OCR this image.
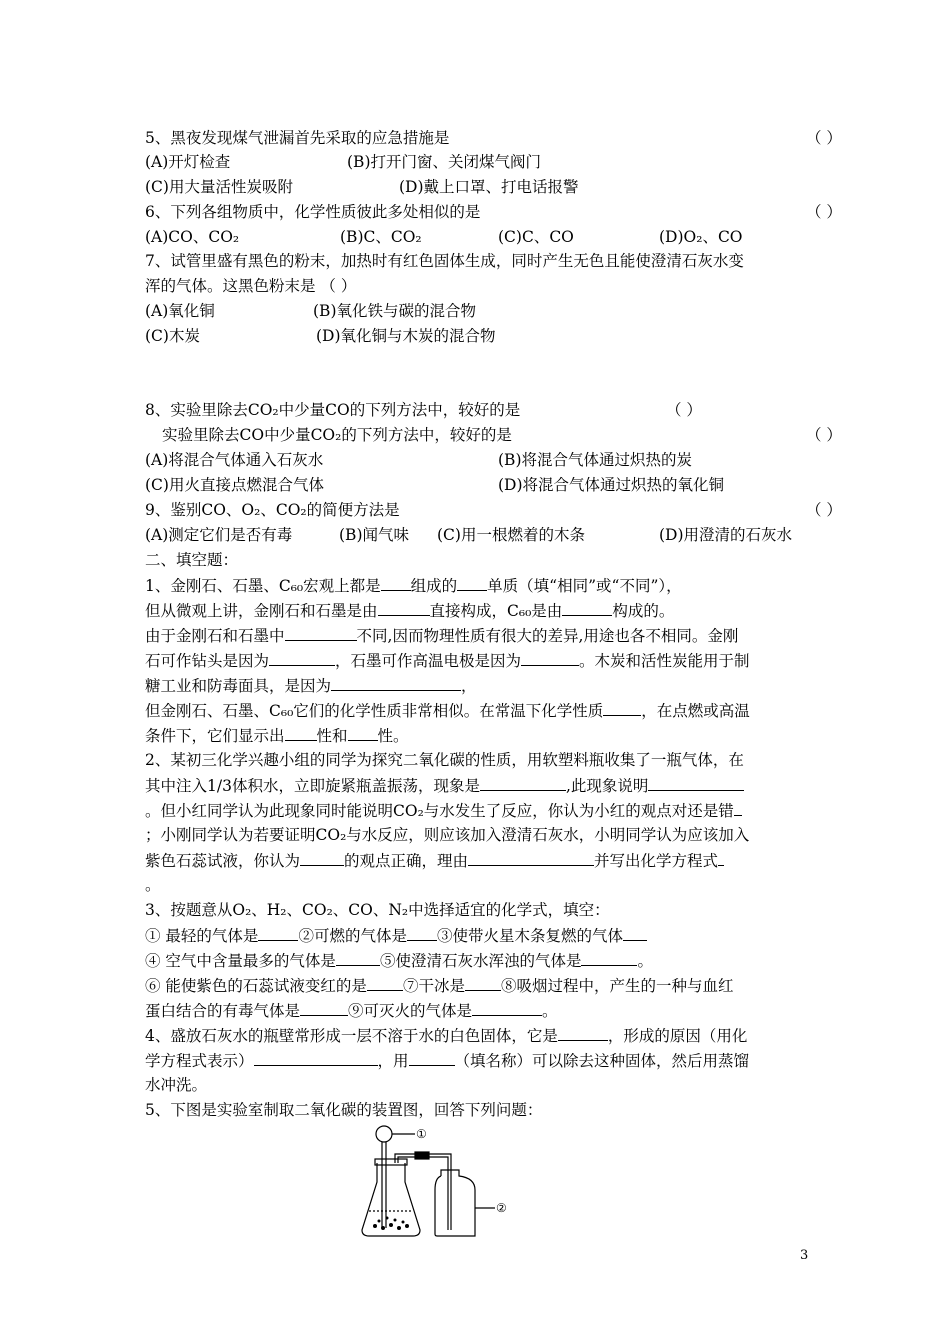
5、黑夜发现煤气泄漏首先采取的应急措施是	（ ）
(A)开灯检查	(B)打开门窗、关闭煤气阀门
(C)用大量活性炭吸附	(D)戴上口罩、打电话报警
6、下列各组物质中，化学性质彼此多处相似的是	（ ）
(A)CO、CO₂	(B)C、CO₂	(C)C、CO	(D)O₂、CO
7、试管里盛有黑色的粉末，加热时有红色固体生成，同时产生无色且能使澄清石灰水变
浑的气体。这黑色粉末是 （ ）
(A)氧化铜	(B)氧化铁与碳的混合物
(C)木炭	(D)氧化铜与木炭的混合物
8、实验里除去CO₂中少量CO的下列方法中，较好的是	（ ）
实验里除去CO中少量CO₂的下列方法中，较好的是	（ ）
(A)将混合气体通入石灰水	(B)将混合气体通过炽热的炭
(C)用火直接点燃混合气体	(D)将混合气体通过炽热的氧化铜
9、鉴别CO、O₂、CO₂的简便方法是	（ ）
(A)测定它们是否有毒	(B)闻气味 (C)用一根燃着的木条	(D)用澄清的石灰水
二、填空题：
1、金刚石、石墨、C₆₀宏观上都是 组成的 单质（填“相同”或“不同”），
但从微观上讲，金刚石和石墨是由	直接构成，C₆₀是由	构成的。
由于金刚石和石墨中	不同,因而物理性质有很大的差异,用途也各不相同。金刚
石可作钻头是因为	，石墨可作高温电极是因为	。木炭和活性炭能用于制
糖工业和防毒面具，是因为	，
但金刚石、石墨、C₆₀它们的化学性质非常相似。在常温下化学性质 ，在点燃或高温
条件下，它们显示出 性和 性。
2、某初三化学兴趣小组的同学为探究二氧化碳的性质，用软塑料瓶收集了一瓶气体，在
其中注入1/3体积水，立即旋紧瓶盖振荡，现象是	,此现象说明
。但小红同学认为此现象同时能说明CO₂与水发生了反应，你认为小红的观点对还是错
；小刚同学认为若要证明CO₂与水反应，则应该加入澄清石灰水，小明同学认为应该加入
紫色石蕊试液，你认为	的观点正确，理由	并写出化学方程式
。
3、按题意从O₂、H₂、CO₂、CO、N₂中选择适宜的化学式，填空：
① 最轻的气体是	②可燃的气体是 ③使带火星木条复燃的气体
④ 空气中含量最多的气体是	⑤使澄清石灰水浑浊的气体是	。
⑥ 能使紫色的石蕊试液变红的是 ⑦干冰是 ⑧吸烟过程中，产生的一种与血红
蛋白结合的有毒气体是	⑨可灭火的气体是	。
4、盛放石灰水的瓶壁常形成一层不溶于水的白色固体，它是	，形成的原因（用化
学方程式表示）	，用	（填名称）可以除去这种固体，然后用蒸馏
水冲洗。
5、下图是实验室制取二氧化碳的装置图，回答下列问题：
①
②
3
